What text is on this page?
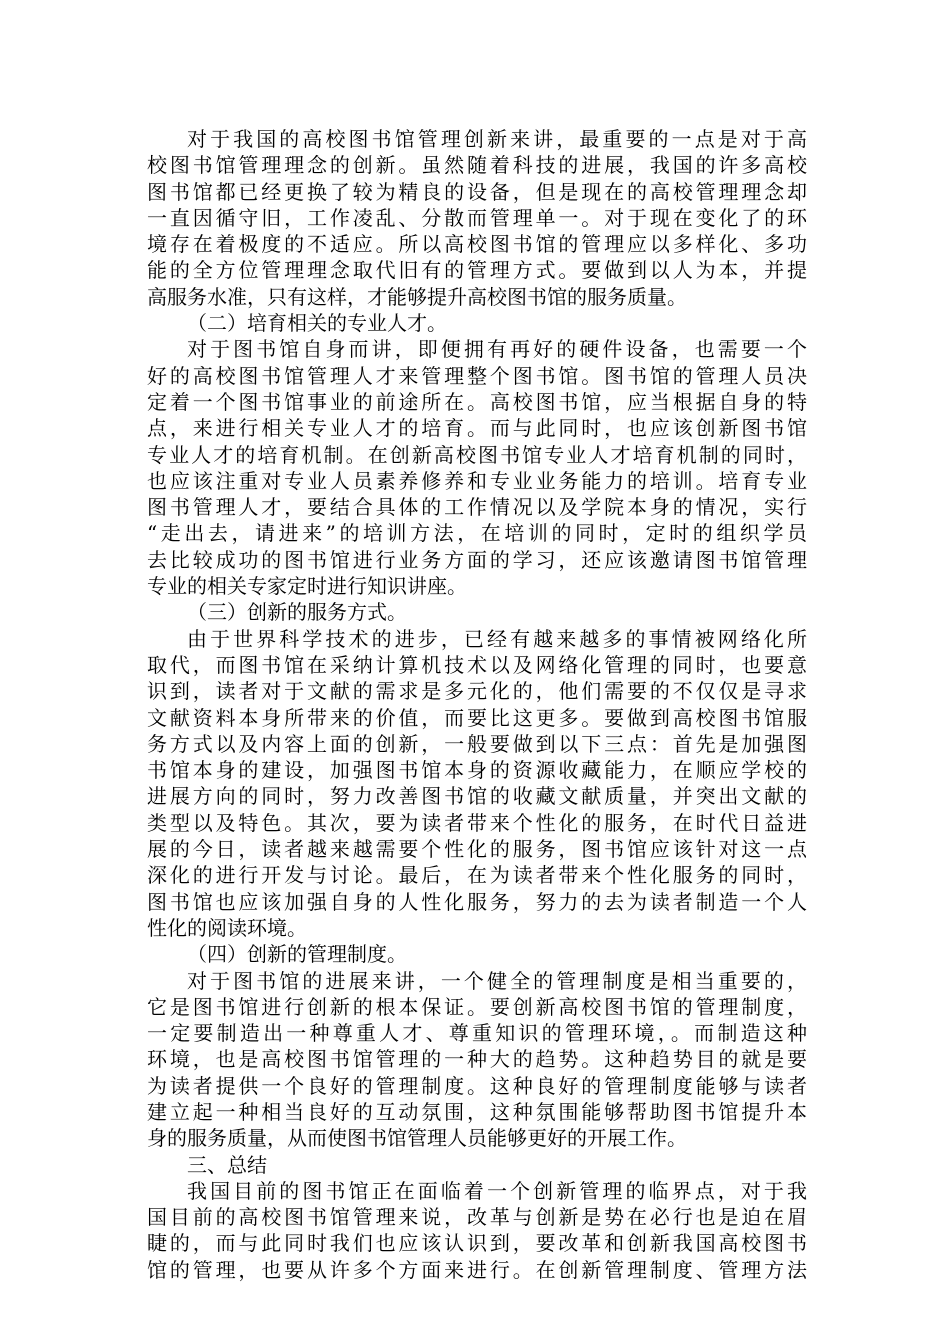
对于我国的高校图书馆管理创新来讲，最重要的一点是对于高
校图书馆管理理念的创新。虽然随着科技的进展，我国的许多高校
图书馆都已经更换了较为精良的设备，但是现在的高校管理理念却
一直因循守旧，工作凌乱、分散而管理单一。对于现在变化了的环
境存在着极度的不适应。所以高校图书馆的管理应以多样化、多功
能的全方位管理理念取代旧有的管理方式。要做到以人为本，并提
高服务水准，只有这样，才能够提升高校图书馆的服务质量。
（二）培育相关的专业人才。
对于图书馆自身而讲，即便拥有再好的硬件设备，也需要一个
好的高校图书馆管理人才来管理整个图书馆。图书馆的管理人员决
定着一个图书馆事业的前途所在。高校图书馆，应当根据自身的特
点，来进行相关专业人才的培育。而与此同时，也应该创新图书馆
专业人才的培育机制。在创新高校图书馆专业人才培育机制的同时，
也应该注重对专业人员素养修养和专业业务能力的培训。培育专业
图书管理人才，要结合具体的工作情况以及学院本身的情况，实行
“走出去，请进来”的培训方法，在培训的同时，定时的组织学员
去比较成功的图书馆进行业务方面的学习，还应该邀请图书馆管理
专业的相关专家定时进行知识讲座。
（三）创新的服务方式。
由于世界科学技术的进步，已经有越来越多的事情被网络化所
取代，而图书馆在采纳计算机技术以及网络化管理的同时，也要意
识到，读者对于文献的需求是多元化的，他们需要的不仅仅是寻求
文献资料本身所带来的价值，而要比这更多。要做到高校图书馆服
务方式以及内容上面的创新，一般要做到以下三点：首先是加强图
书馆本身的建设，加强图书馆本身的资源收藏能力，在顺应学校的
进展方向的同时，努力改善图书馆的收藏文献质量，并突出文献的
类型以及特色。其次，要为读者带来个性化的服务，在时代日益进
展的今日，读者越来越需要个性化的服务，图书馆应该针对这一点
深化的进行开发与讨论。最后，在为读者带来个性化服务的同时，
图书馆也应该加强自身的人性化服务，努力的去为读者制造一个人
性化的阅读环境。
（四）创新的管理制度。
对于图书馆的进展来讲，一个健全的管理制度是相当重要的，
它是图书馆进行创新的根本保证。要创新高校图书馆的管理制度，
一定要制造出一种尊重人才、尊重知识的管理环境，。而制造这种
环境，也是高校图书馆管理的一种大的趋势。这种趋势目的就是要
为读者提供一个良好的管理制度。这种良好的管理制度能够与读者
建立起一种相当良好的互动氛围，这种氛围能够帮助图书馆提升本
身的服务质量，从而使图书馆管理人员能够更好的开展工作。
三、总结
我国目前的图书馆正在面临着一个创新管理的临界点，对于我
国目前的高校图书馆管理来说，改革与创新是势在必行也是迫在眉
睫的，而与此同时我们也应该认识到，要改革和创新我国高校图书
馆的管理，也要从许多个方面来进行。在创新管理制度、管理方法
